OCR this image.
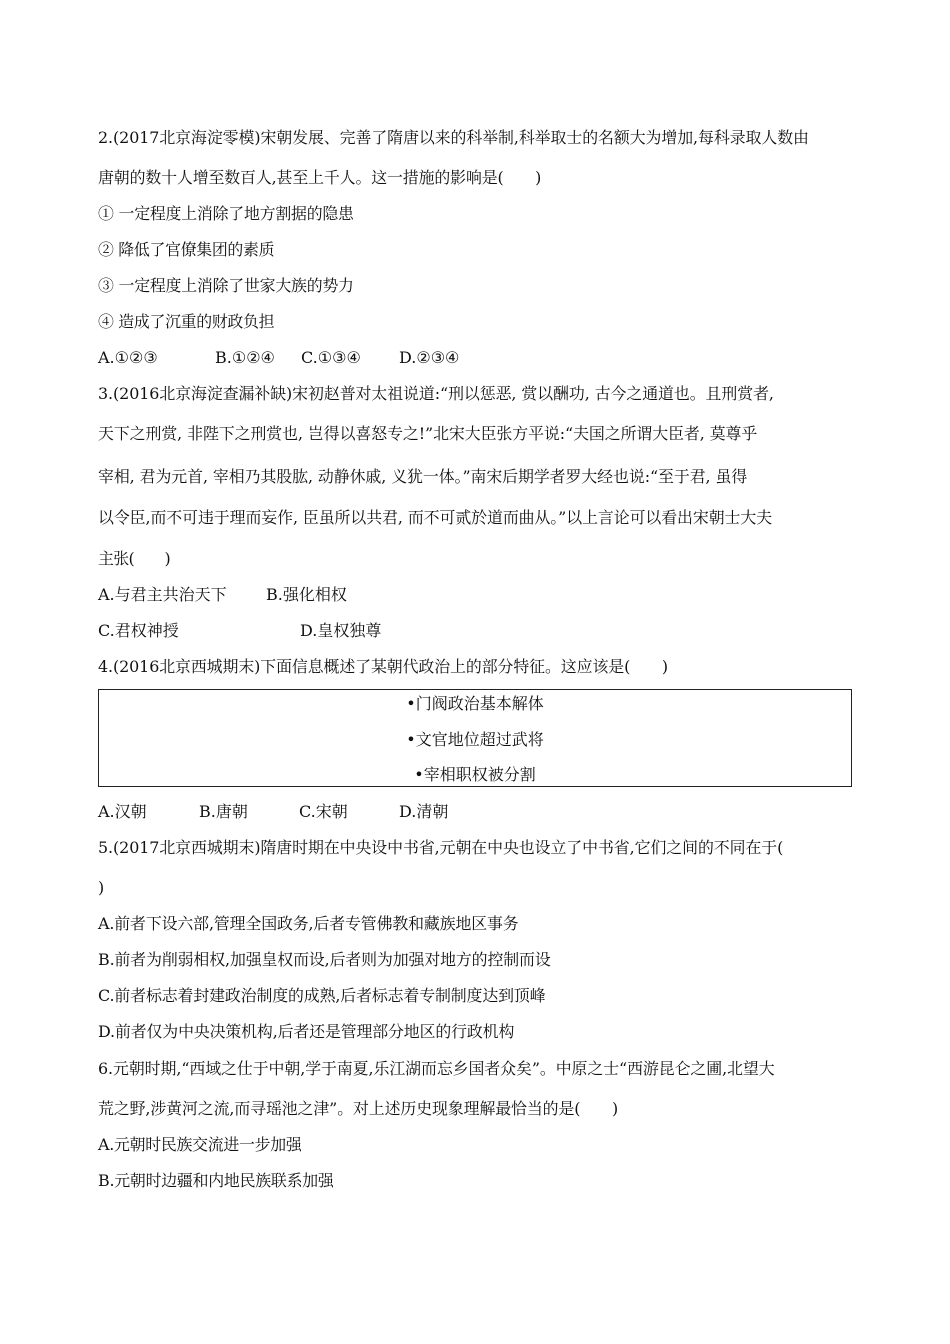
2.(2017北京海淀零模)宋朝发展、完善了隋唐以来的科举制,科举取士的名额大为增加,每科录取人数由
唐朝的数十人增至数百人,甚至上千人。这一措施的影响是(　　)
① 一定程度上消除了地方割据的隐患
② 降低了官僚集团的素质
③ 一定程度上消除了世家大族的势力
④ 造成了沉重的财政负担
A.①②③	B.①②④ C.①③④ D.②③④
3.(2016北京海淀查漏补缺)宋初赵普对太祖说道:“刑以惩恶, 赏以酬功, 古今之通道也。且刑赏者,
天下之刑赏, 非陛下之刑赏也, 岂得以喜怒专之!”北宋大臣张方平说:“夫国之所谓大臣者, 莫尊乎
宰相, 君为元首, 宰相乃其股肱, 动静休戚, 义犹一体。”南宋后期学者罗大经也说:“至于君, 虽得
以令臣,而不可违于理而妄作, 臣虽所以共君, 而不可贰於道而曲从。”以上言论可以看出宋朝士大夫
主张(　　)
A.与君主共治天下 B.强化相权
C.君权神授	D.皇权独尊
4.(2016北京西城期末)下面信息概述了某朝代政治上的部分特征。这应该是(　　)
•门阀政治基本解体
•文官地位超过武将
•宰相职权被分割
A.汉朝	B.唐朝	C.宋朝	D.清朝
5.(2017北京西城期末)隋唐时期在中央设中书省,元朝在中央也设立了中书省,它们之间的不同在于(
)
A.前者下设六部,管理全国政务,后者专管佛教和藏族地区事务
B.前者为削弱相权,加强皇权而设,后者则为加强对地方的控制而设
C.前者标志着封建政治制度的成熟,后者标志着专制制度达到顶峰
D.前者仅为中央决策机构,后者还是管理部分地区的行政机构
6.元朝时期,“西域之仕于中朝,学于南夏,乐江湖而忘乡国者众矣”。中原之士“西游昆仑之圃,北望大
荒之野,涉黄河之流,而寻瑶池之津”。对上述历史现象理解最恰当的是(　　)
A.元朝时民族交流进一步加强
B.元朝时边疆和内地民族联系加强
